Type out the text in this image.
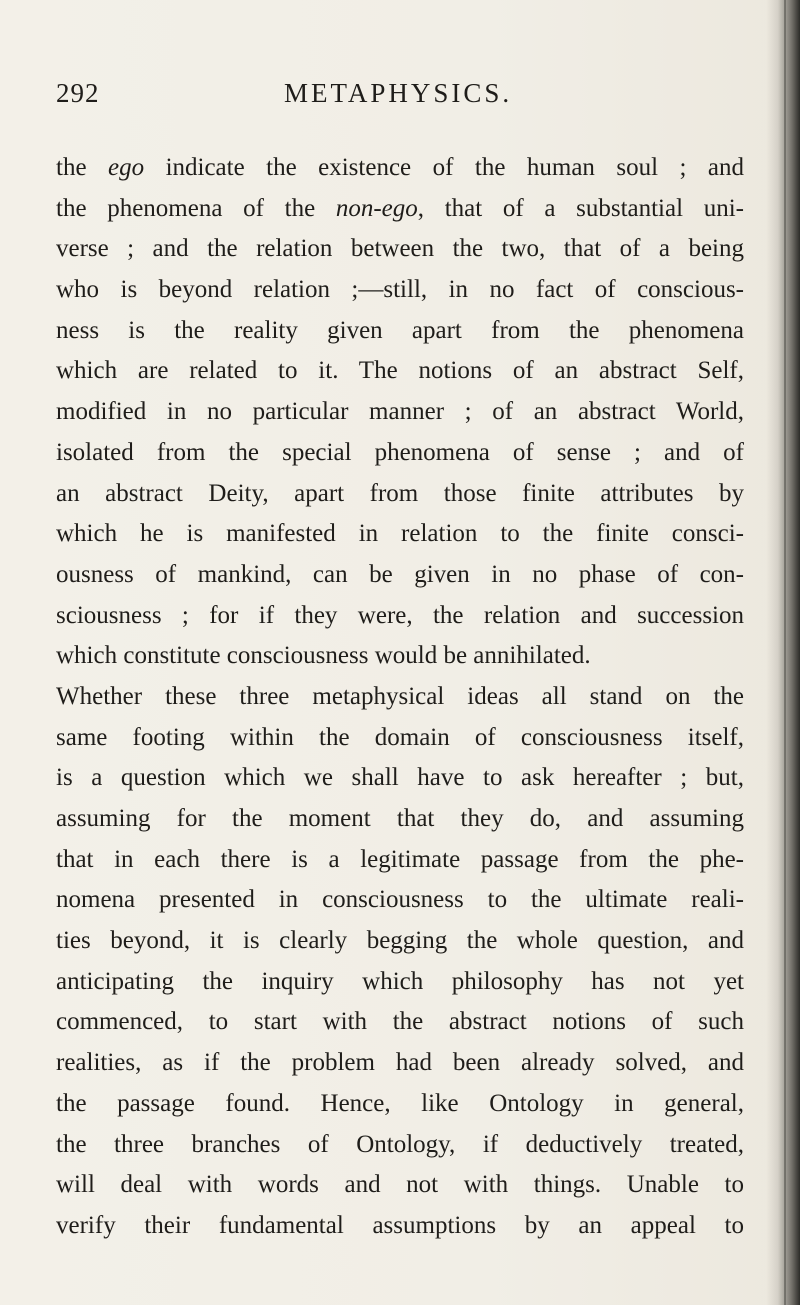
292	METAPHYSICS.
the ego indicate the existence of the human soul ; and
the phenomena of the non-ego, that of a substantial uni-
verse ; and the relation between the two, that of a being
who is beyond relation ;—still, in no fact of conscious-
ness is the reality given apart from the phenomena
which are related to it. The notions of an abstract Self,
modified in no particular manner ; of an abstract World,
isolated from the special phenomena of sense ; and of
an abstract Deity, apart from those finite attributes by
which he is manifested in relation to the finite consci-
ousness of mankind, can be given in no phase of con-
sciousness ; for if they were, the relation and succession
which constitute consciousness would be annihilated.
Whether these three metaphysical ideas all stand on the
same footing within the domain of consciousness itself,
is a question which we shall have to ask hereafter ; but,
assuming for the moment that they do, and assuming
that in each there is a legitimate passage from the phe-
nomena presented in consciousness to the ultimate reali-
ties beyond, it is clearly begging the whole question, and
anticipating the inquiry which philosophy has not yet
commenced, to start with the abstract notions of such
realities, as if the problem had been already solved, and
the passage found. Hence, like Ontology in general,
the three branches of Ontology, if deductively treated,
will deal with words and not with things. Unable to
verify their fundamental assumptions by an appeal to
